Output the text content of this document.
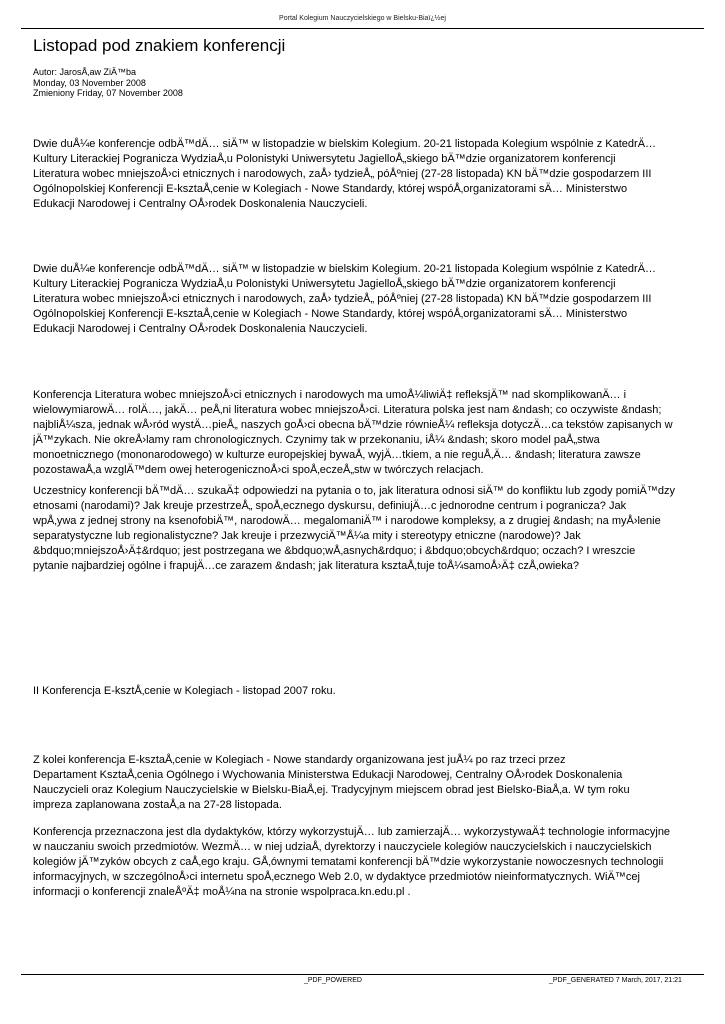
Portal Kolegium Nauczycielskiego w Bielsku-Biaï¿½ej
Listopad pod znakiem konferencji
Autor: JarosÅ‚aw ZiÄ™ba
Monday, 03 November 2008
Zmieniony Friday, 07 November 2008
Dwie duÅ¼e konferencje odbÄ™dÄ… siÄ™ w listopadzie w bielskim Kolegium. 20-21 listopada Kolegium wspólnie z KatedrÄ…
Kultury Literackiej Pogranicza WydziaÅ‚u Polonistyki Uniwersytetu JagielloÅ„skiego bÄ™dzie organizatorem konferencji
Literatura wobec mniejszoÅ›ci etnicznych i narodowych, zaÅ› tydzieÅ„ póÅºniej (27-28 listopada) KN bÄ™dzie gospodarzem III
Ogólnopolskiej Konferencji E-ksztaÅ‚cenie w Kolegiach - Nowe Standardy, której wspóÅ‚organizatorami sÄ… Ministerstwo
Edukacji Narodowej i Centralny OÅ›rodek Doskonalenia Nauczycieli.
Dwie duÅ¼e konferencje odbÄ™dÄ… siÄ™ w listopadzie w bielskim Kolegium. 20-21 listopada Kolegium wspólnie z KatedrÄ…
Kultury Literackiej Pogranicza WydziaÅ‚u Polonistyki Uniwersytetu JagielloÅ„skiego bÄ™dzie organizatorem konferencji
Literatura wobec mniejszoÅ›ci etnicznych i narodowych, zaÅ› tydzieÅ„ póÅºniej (27-28 listopada) KN bÄ™dzie gospodarzem III
Ogólnopolskiej Konferencji E-ksztaÅ‚cenie w Kolegiach - Nowe Standardy, której wspóÅ‚organizatorami sÄ… Ministerstwo
Edukacji Narodowej i Centralny OÅ›rodek Doskonalenia Nauczycieli.
Konferencja Literatura wobec mniejszoÅ›ci etnicznych i narodowych ma umoÅ¼liwiÄ‡ refleksjÄ™ nad skomplikowanÄ… i
wielowymiarowÄ… rolÄ…, jakÄ… peÅ‚ni literatura wobec mniejszoÅ›ci. Literatura polska jest nam &ndash; co oczywiste &ndash;
najbliÅ¼sza, jednak wÅ›ród wystÄ…pieÅ„ naszych goÅ›ci obecna bÄ™dzie równieÅ¼ refleksja dotyczÄ…ca tekstów zapisanych w
jÄ™zykach. Nie okreÅ›lamy ram chronologicznych. Czynimy tak w przekonaniu, iÅ¼ &ndash; skoro model paÅ„stwa
monoetnicznego (mononarodowego) w kulturze europejskiej bywaÅ‚ wyjÄ…tkiem, a nie reguÅ‚Ä… &ndash; literatura zawsze
pozostawaÅ‚a wzglÄ™dem owej heterogenicznoÅ›ci spoÅ‚eczeÅ„stw w twórczych relacjach.
Uczestnicy konferencji bÄ™dÄ… szukaÄ‡ odpowiedzi na pytania o to, jak literatura odnosi siÄ™ do konfliktu lub zgody pomiÄ™dzy
etnosami (narodami)? Jak kreuje przestrzeÅ„ spoÅ‚ecznego dyskursu, definiujÄ…c jednorodne centrum i pogranicza? Jak
wpÅ‚ywa z jednej strony na ksenofobiÄ™, narodowÄ… megalomaniÄ™ i narodowe kompleksy, a z drugiej &ndash; na myÅ›lenie
separatystyczne lub regionalistyczne? Jak kreuje i przezwyciÄ™Å¼a mity i stereotypy etniczne (narodowe)? Jak
&bdquo;mniejszoÅ›Ä‡&rdquo; jest postrzegana we &bdquo;wÅ‚asnych&rdquo; i &bdquo;obcych&rdquo; oczach? I wreszcie
pytanie najbardziej ogólne i frapujÄ…ce zarazem &ndash; jak literatura ksztaÅ‚tuje toÅ¼samoÅ›Ä‡ czÅ‚owieka?
II Konferencja E-ksztÅ‚cenie w Kolegiach - listopad 2007 roku.
Z kolei konferencja E-ksztaÅ‚cenie w Kolegiach - Nowe standardy organizowana jest juÅ¼ po raz trzeci przez
Departament KsztaÅ‚cenia Ogólnego i Wychowania Ministerstwa Edukacji Narodowej, Centralny OÅ›rodek Doskonalenia
Nauczycieli oraz Kolegium Nauczycielskie w Bielsku-BiaÅ‚ej. Tradycyjnym miejscem obrad jest Bielsko-BiaÅ‚a. W tym roku
impreza zaplanowana zostaÅ‚a na 27-28 listopada.
Konferencja przeznaczona jest dla dydaktyków, którzy wykorzystujÄ… lub zamierzajÄ… wykorzystywaÄ‡ technologie informacyjne
w nauczaniu swoich przedmiotów. WezmÄ… w niej udziaÅ‚ dyrektorzy i nauczyciele kolegiów nauczycielskich i nauczycielskich
kolegiów jÄ™zyków obcych z caÅ‚ego kraju. GÅ‚ównymi tematami konferencji bÄ™dzie wykorzystanie nowoczesnych technologii
informacyjnych, w szczególnoÅ›ci internetu spoÅ‚ecznego Web 2.0, w dydaktyce przedmiotów nieinformatycznych. WiÄ™cej
informacji o konferencji znaleÅºÄ‡ moÅ¼na na stronie wspolpraca.kn.edu.pl .
_PDF_POWERED	_PDF_GENERATED 7 March, 2017, 21:21
